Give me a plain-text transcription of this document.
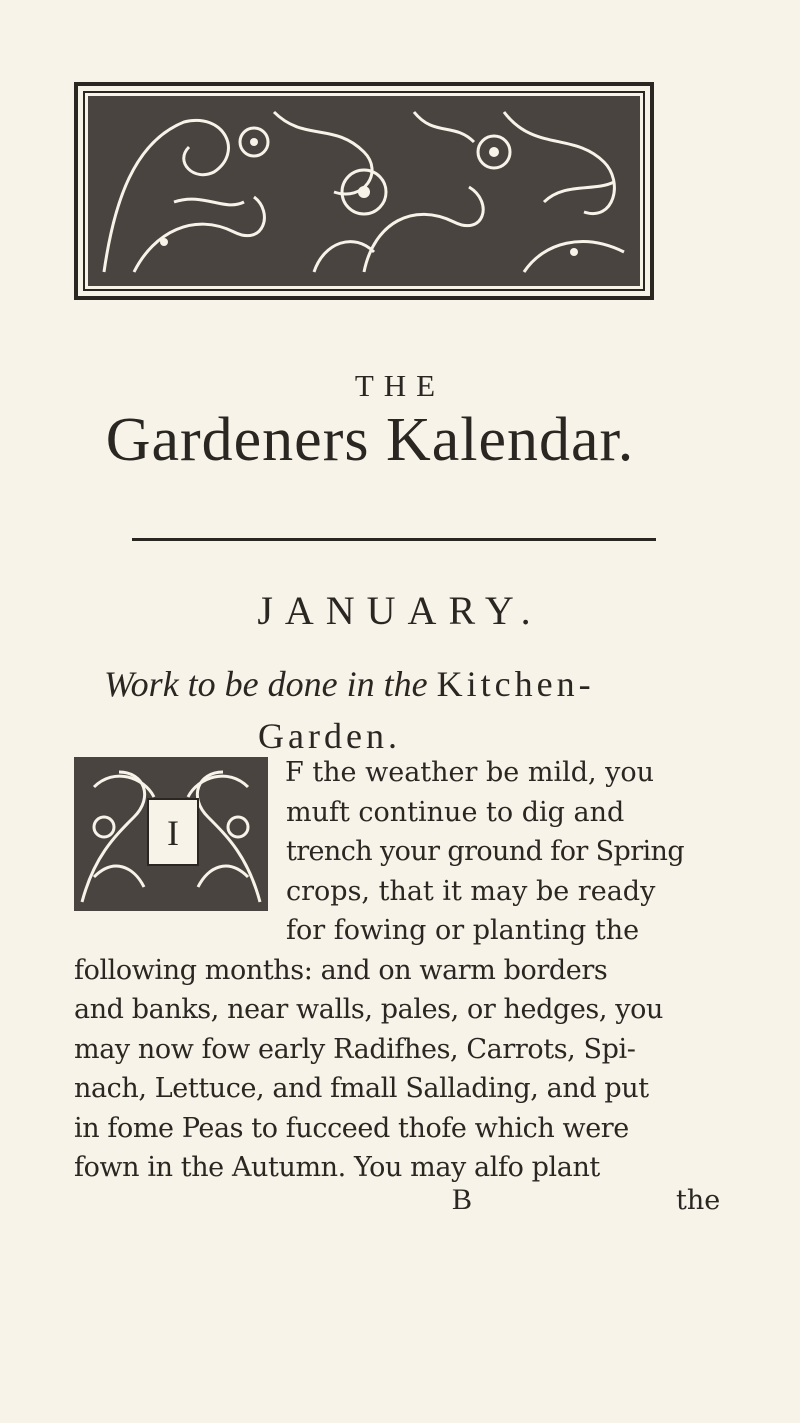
THE
Gardeners Kalendar.
JANUARY.
Work to be done in the Kitchen-
Garden.
I
F the weather be mild, you
muft continue to dig and
trench your ground for Spring
crops, that it may be ready
for fowing or planting the
following months: and on warm borders
and banks, near walls, pales, or hedges, you
may now fow early Radifhes, Carrots, Spi-
nach, Lettuce, and fmall Sallading, and put
in fome Peas to fucceed thofe which were
fown in the Autumn. You may alfo plant
B	the
